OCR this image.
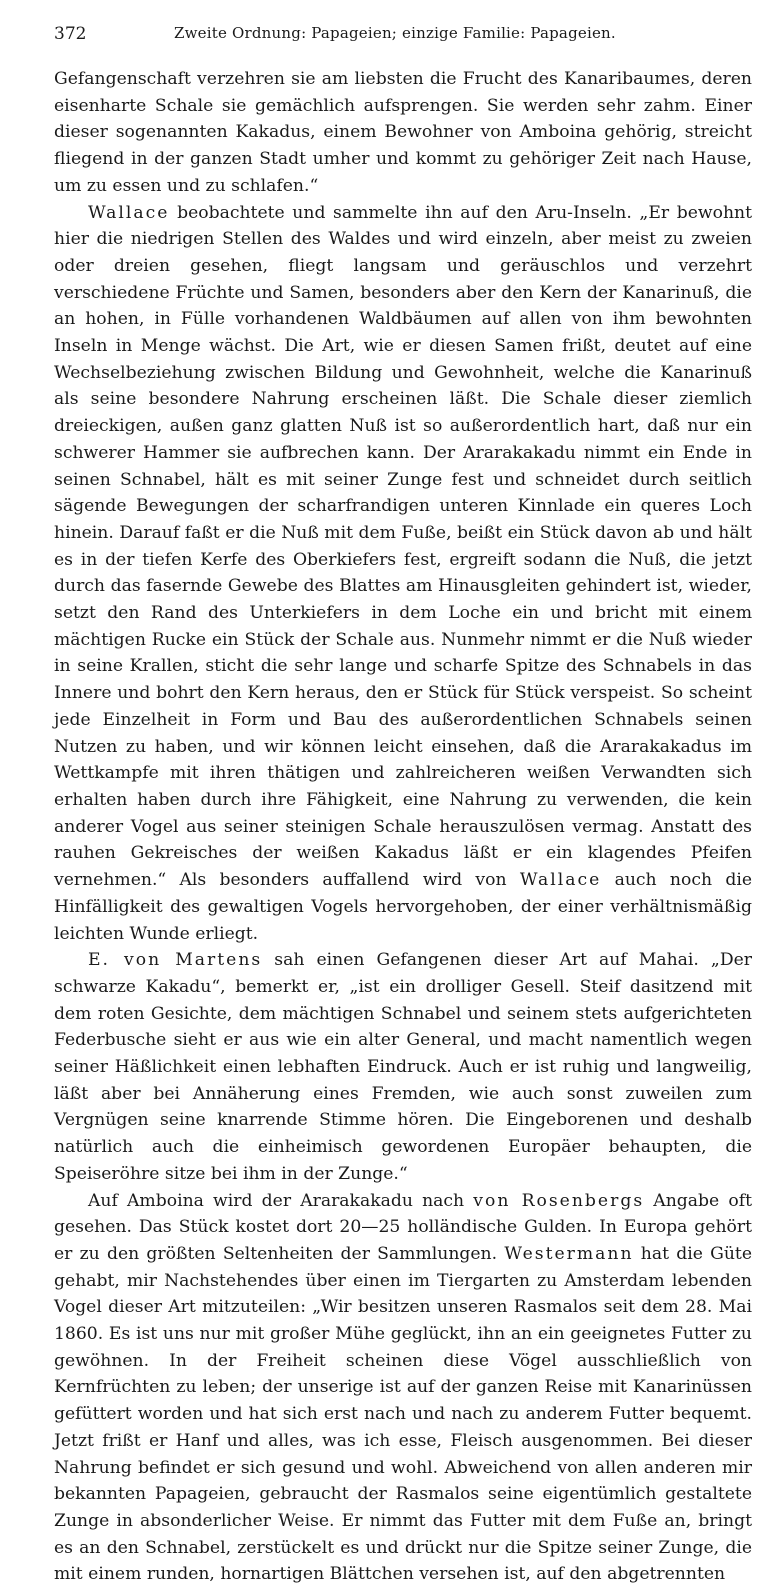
372	Zweite Ordnung: Papageien; einzige Familie: Papageien.

Gefangenschaft verzehren sie am liebsten die Frucht des Kanaribaumes, deren eisenharte Schale sie gemächlich aufsprengen. Sie werden sehr zahm. Einer dieser sogenannten Kakadus, einem Bewohner von Amboina gehörig, streicht fliegend in der ganzen Stadt umher und kommt zu gehöriger Zeit nach Hause, um zu essen und zu schlafen.“

Wallace beobachtete und sammelte ihn auf den Aru-Inseln. „Er bewohnt hier die niedrigen Stellen des Waldes und wird einzeln, aber meist zu zweien oder dreien gesehen, fliegt langsam und geräuschlos und verzehrt verschiedene Früchte und Samen, besonders aber den Kern der Kanarinuß, die an hohen, in Fülle vorhandenen Waldbäumen auf allen von ihm bewohnten Inseln in Menge wächst. Die Art, wie er diesen Samen frißt, deutet auf eine Wechselbeziehung zwischen Bildung und Gewohnheit, welche die Kanarinuß als seine besondere Nahrung erscheinen läßt. Die Schale dieser ziemlich dreieckigen, außen ganz glatten Nuß ist so außerordentlich hart, daß nur ein schwerer Hammer sie aufbrechen kann. Der Ararakakadu nimmt ein Ende in seinen Schnabel, hält es mit seiner Zunge fest und schneidet durch seitlich sägende Bewegungen der scharfrandigen unteren Kinnlade ein queres Loch hinein. Darauf faßt er die Nuß mit dem Fuße, beißt ein Stück davon ab und hält es in der tiefen Kerfe des Oberkiefers fest, ergreift sodann die Nuß, die jetzt durch das fasernde Gewebe des Blattes am Hinausgleiten gehindert ist, wieder, setzt den Rand des Unterkiefers in dem Loche ein und bricht mit einem mächtigen Rucke ein Stück der Schale aus. Nunmehr nimmt er die Nuß wieder in seine Krallen, sticht die sehr lange und scharfe Spitze des Schnabels in das Innere und bohrt den Kern heraus, den er Stück für Stück verspeist. So scheint jede Einzelheit in Form und Bau des außerordentlichen Schnabels seinen Nutzen zu haben, und wir können leicht einsehen, daß die Ararakakadus im Wettkampfe mit ihren thätigen und zahlreicheren weißen Verwandten sich erhalten haben durch ihre Fähigkeit, eine Nahrung zu verwenden, die kein anderer Vogel aus seiner steinigen Schale herauszulösen vermag. Anstatt des rauhen Gekreisches der weißen Kakadus läßt er ein klagendes Pfeifen vernehmen.“ Als besonders auffallend wird von Wallace auch noch die Hinfälligkeit des gewaltigen Vogels hervorgehoben, der einer verhältnismäßig leichten Wunde erliegt.

E. von Martens sah einen Gefangenen dieser Art auf Mahai. „Der schwarze Kakadu“, bemerkt er, „ist ein drolliger Gesell. Steif dasitzend mit dem roten Gesichte, dem mächtigen Schnabel und seinem stets aufgerichteten Federbusche sieht er aus wie ein alter General, und macht namentlich wegen seiner Häßlichkeit einen lebhaften Eindruck. Auch er ist ruhig und langweilig, läßt aber bei Annäherung eines Fremden, wie auch sonst zuweilen zum Vergnügen seine knarrende Stimme hören. Die Eingeborenen und deshalb natürlich auch die einheimisch gewordenen Europäer behaupten, die Speiseröhre sitze bei ihm in der Zunge.“

Auf Amboina wird der Ararakakadu nach von Rosenbergs Angabe oft gesehen. Das Stück kostet dort 20—25 holländische Gulden. In Europa gehört er zu den größten Seltenheiten der Sammlungen. Westermann hat die Güte gehabt, mir Nachstehendes über einen im Tiergarten zu Amsterdam lebenden Vogel dieser Art mitzuteilen: „Wir besitzen unseren Rasmalos seit dem 28. Mai 1860. Es ist uns nur mit großer Mühe geglückt, ihn an ein geeignetes Futter zu gewöhnen. In der Freiheit scheinen diese Vögel ausschließlich von Kernfrüchten zu leben; der unserige ist auf der ganzen Reise mit Kanarinüssen gefüttert worden und hat sich erst nach und nach zu anderem Futter bequemt. Jetzt frißt er Hanf und alles, was ich esse, Fleisch ausgenommen. Bei dieser Nahrung befindet er sich gesund und wohl. Abweichend von allen anderen mir bekannten Papageien, gebraucht der Rasmalos seine eigentümlich gestaltete Zunge in absonderlicher Weise. Er nimmt das Futter mit dem Fuße an, bringt es an den Schnabel, zerstückelt es und drückt nur die Spitze seiner Zunge, die mit einem runden, hornartigen Blättchen versehen ist, auf den abgetrennten
